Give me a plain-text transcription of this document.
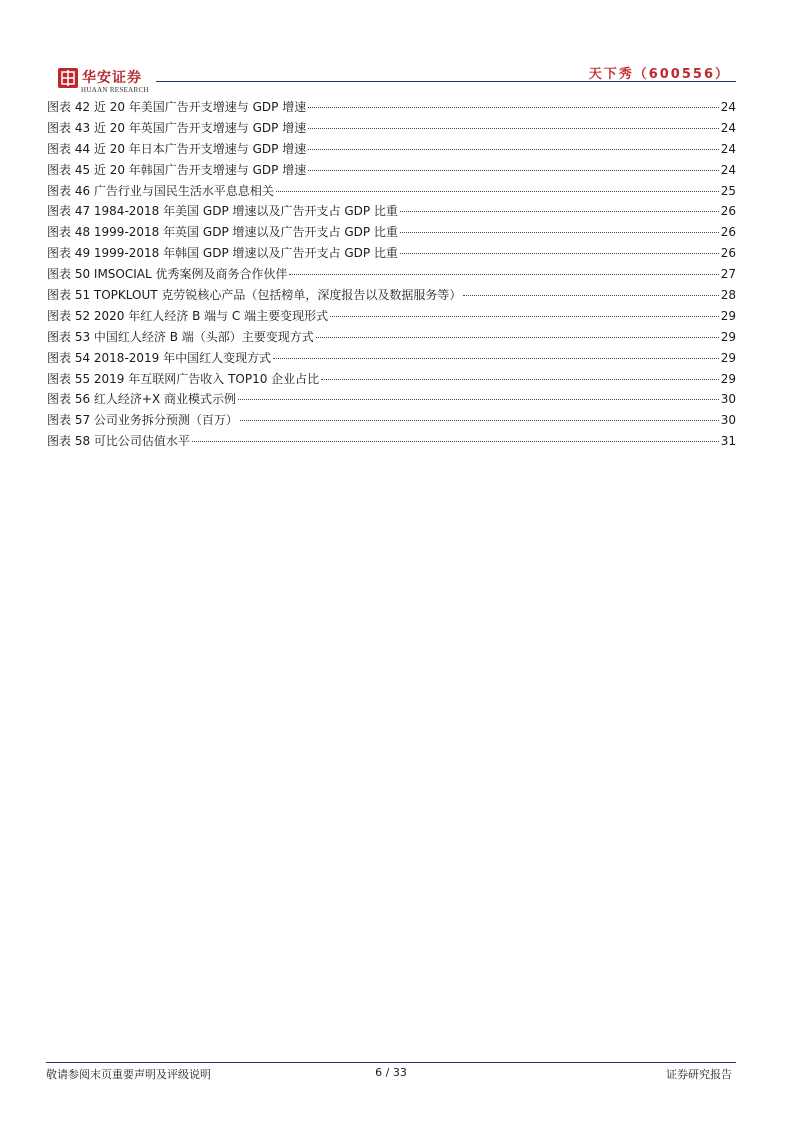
华安证券
HUAAN RESEARCH
天下秀（600556）
图表 42 近 20 年美国广告开支增速与 GDP 增速	24
图表 43 近 20 年英国广告开支增速与 GDP 增速	24
图表 44 近 20 年日本广告开支增速与 GDP 增速	24
图表 45 近 20 年韩国广告开支增速与 GDP 增速	24
图表 46 广告行业与国民生活水平息息相关	25
图表 47 1984-2018 年美国 GDP 增速以及广告开支占 GDP 比重	26
图表 48 1999-2018 年英国 GDP 增速以及广告开支占 GDP 比重	26
图表 49 1999-2018 年韩国 GDP 增速以及广告开支占 GDP 比重	26
图表 50 IMSOCIAL 优秀案例及商务合作伙伴	27
图表 51 TOPKLOUT 克劳锐核心产品（包括榜单，深度报告以及数据服务等）	28
图表 52 2020 年红人经济 B 端与 C 端主要变现形式	29
图表 53 中国红人经济 B 端（头部）主要变现方式	29
图表 54 2018-2019 年中国红人变现方式	29
图表 55 2019 年互联网广告收入 TOP10 企业占比	29
图表 56 红人经济+X 商业模式示例	30
图表 57 公司业务拆分预测（百万）	30
图表 58 可比公司估值水平	31
敬请参阅末页重要声明及评级说明	6 / 33	证券研究报告
